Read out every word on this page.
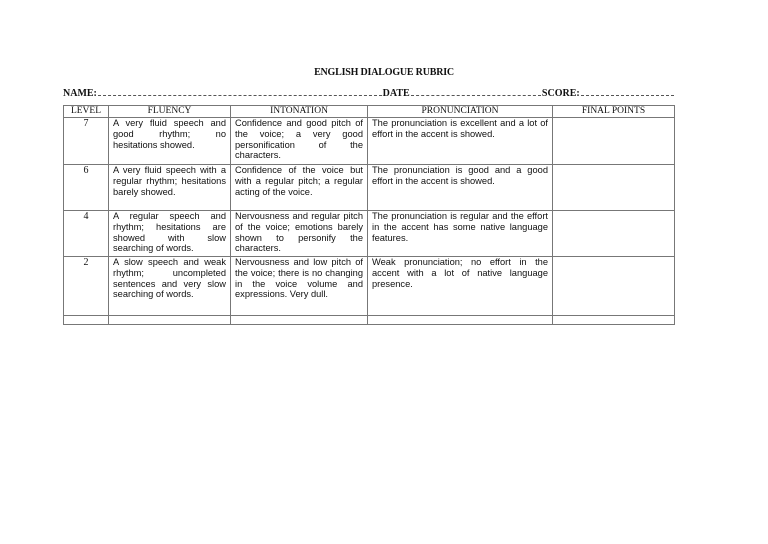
ENGLISH DIALOGUE RUBRIC
NAME:	DATE	SCORE:
LEVEL	FLUENCY	INTONATION	PRONUNCIATION	FINAL POINTS
7	A very fluid speech and good rhythm; no hesitations showed.	Confidence and good pitch of the voice; a very good personification of the characters.	The pronunciation is excellent and a lot of effort in the accent is showed.	
6	A very fluid speech with a regular rhythm; hesitations barely showed.	Confidence of the voice but with a regular pitch; a regular acting of the voice.	The pronunciation is good and a good effort in the accent is showed.	
4	A regular speech and rhythm; hesitations are showed with slow searching of words.	Nervousness and regular pitch of the voice; emotions barely shown to personify the characters.	The pronunciation is regular and the effort in the accent has some native language features.	
2	A slow speech and weak rhythm; uncompleted sentences and very slow searching of words.	Nervousness and low pitch of the voice; there is no changing in the voice volume and expressions. Very dull.	Weak pronunciation; no effort in the accent with a lot of native language presence.	
